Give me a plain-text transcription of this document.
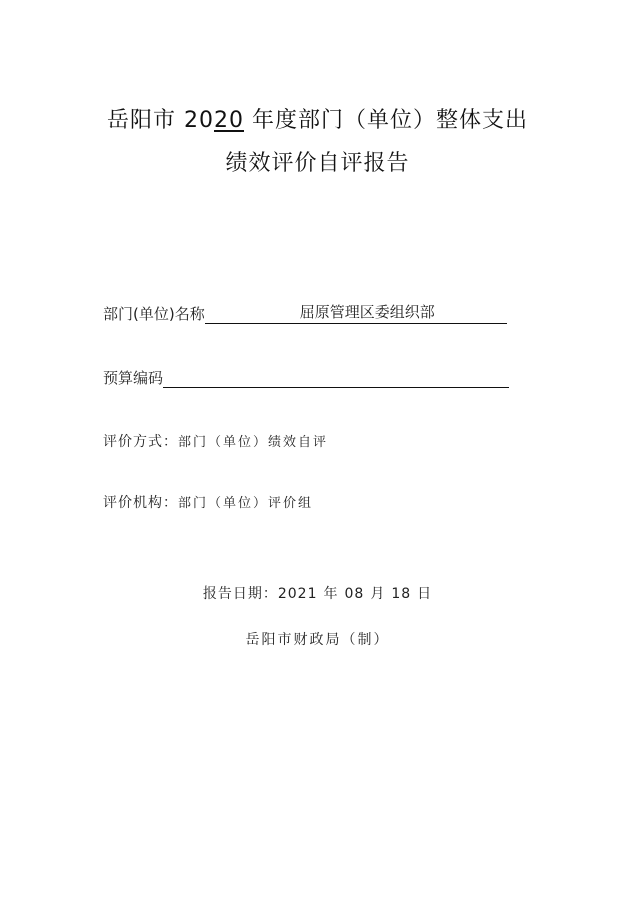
岳阳市 2020 年度部门（单位）整体支出
绩效评价自评报告
部门(单位)名称	屈原管理区委组织部
预算编码
评价方式：部门（单位）绩效自评
评价机构：部门（单位）评价组
报告日期：2021 年 08 月 18 日
岳阳市财政局（制）
